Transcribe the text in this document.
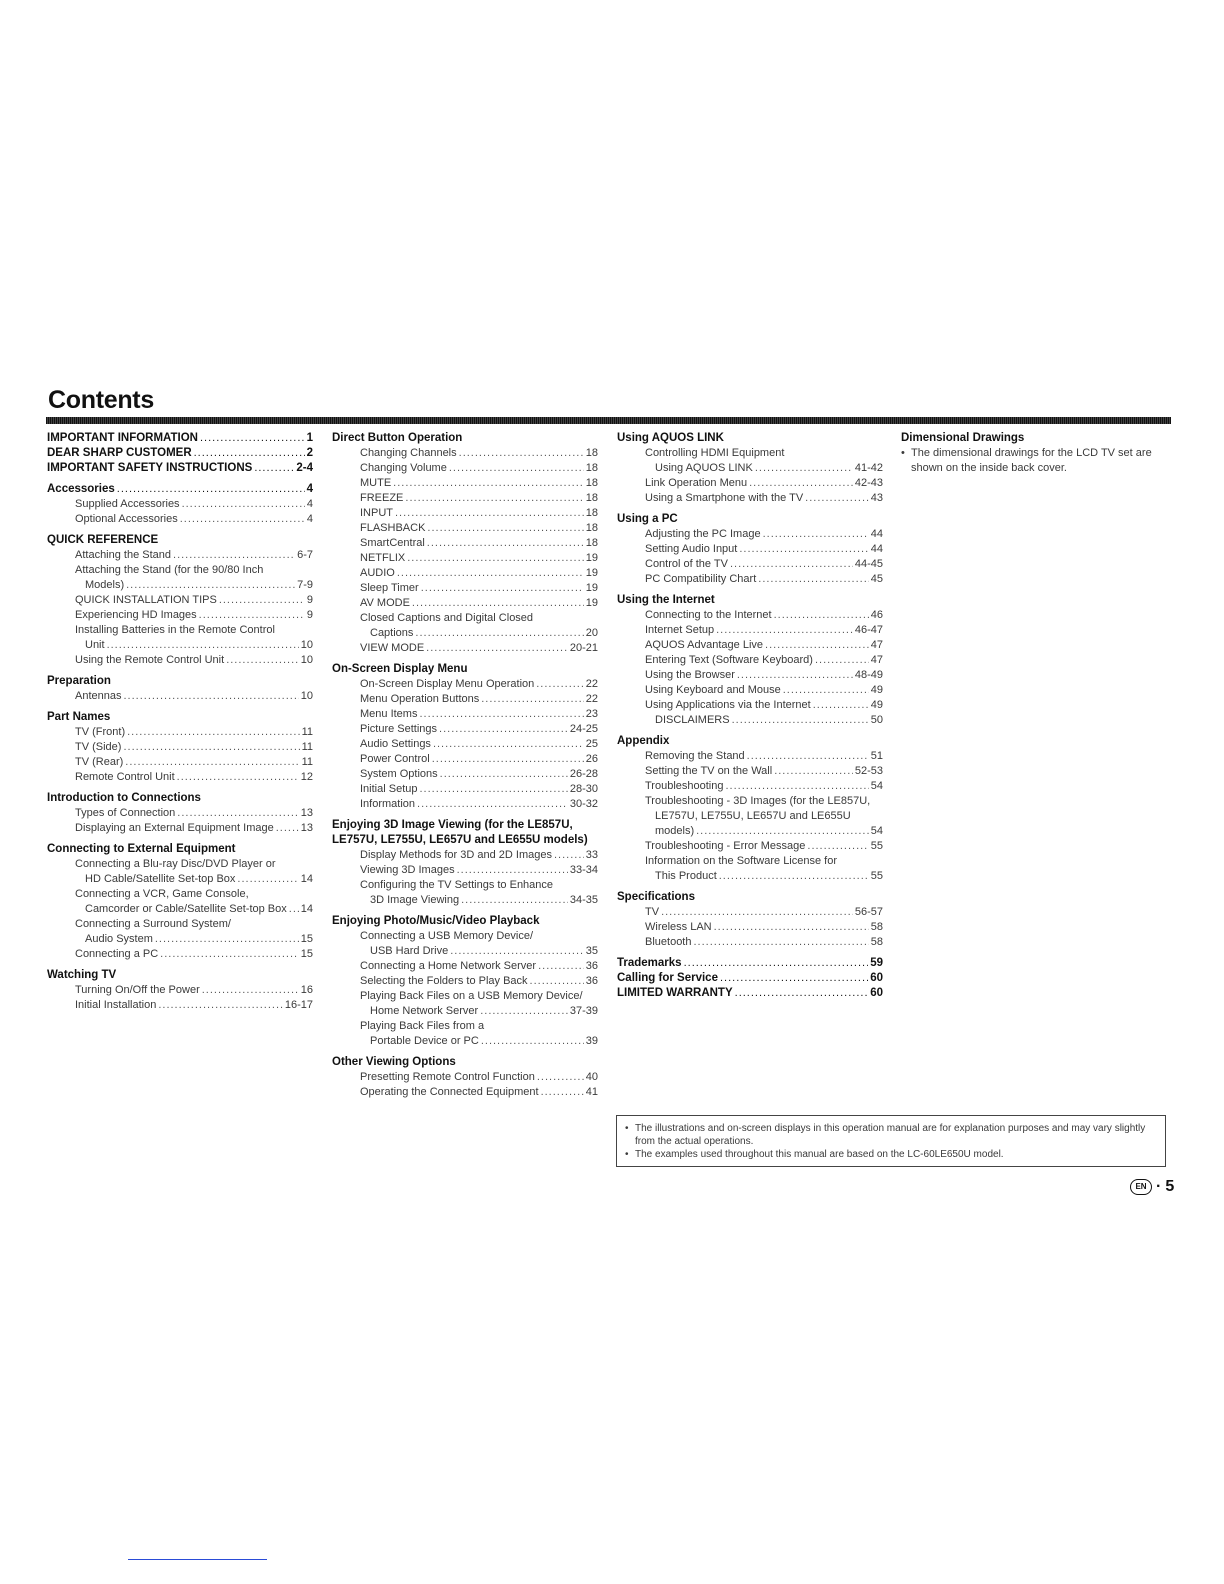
Contents
IMPORTANT INFORMATION .....	1
DEAR SHARP CUSTOMER .....	2
IMPORTANT SAFETY INSTRUCTIONS .....	2-4
Accessories .....	4
Supplied Accessories .....	4
Optional Accessories .....	4
QUICK REFERENCE
Attaching the Stand .....	6-7
Attaching the Stand (for the 90/80 Inch
Models) .....	7-9
QUICK INSTALLATION TIPS .....	9
Experiencing HD Images .....	9
Installing Batteries in the Remote Control
Unit .....	10
Using the Remote Control Unit .....	10
Preparation
Antennas .....	10
Part Names
TV (Front) .....	11
TV (Side) .....	11
TV (Rear) .....	11
Remote Control Unit .....	12
Introduction to Connections
Types of Connection .....	13
Displaying an External Equipment Image ..... 13
Connecting to External Equipment
Connecting a Blu-ray Disc/DVD Player or
HD Cable/Satellite Set-top Box .....	14
Connecting a VCR, Game Console,
Camcorder or Cable/Satellite Set-top Box ..... 14
Connecting a Surround System/
Audio System .....	15
Connecting a PC .....	15
Watching TV
Turning On/Off the Power .....	16
Initial Installation .....	16-17
Direct Button Operation
Changing Channels .....	18
Changing Volume .....	18
MUTE .....	18
FREEZE .....	18
INPUT .....	18
FLASHBACK .....	18
SmartCentral .....	18
NETFLIX .....	19
AUDIO .....	19
Sleep Timer .....	19
AV MODE .....	19
Closed Captions and Digital Closed
Captions .....	20
VIEW MODE .....	20-21
On-Screen Display Menu
On-Screen Display Menu Operation .....	22
Menu Operation Buttons .....	22
Menu Items .....	23
Picture Settings .....	24-25
Audio Settings .....	25
Power Control .....	26
System Options .....	26-28
Initial Setup .....	28-30
Information .....	30-32
Enjoying 3D Image Viewing (for the LE857U,
LE757U, LE755U, LE657U and LE655U models)
Display Methods for 3D and 2D Images .....	33
Viewing 3D Images .....	33-34
Configuring the TV Settings to Enhance
3D Image Viewing .....	34-35
Enjoying Photo/Music/Video Playback
Connecting a USB Memory Device/
USB Hard Drive .....	35
Connecting a Home Network Server .....	36
Selecting the Folders to Play Back .....	36
Playing Back Files on a USB Memory Device/
Home Network Server .....	37-39
Playing Back Files from a
Portable Device or PC .....	39
Other Viewing Options
Presetting Remote Control Function .....	40
Operating the Connected Equipment .....	41
Using AQUOS LINK
Controlling HDMI Equipment
Using AQUOS LINK .....	41-42
Link Operation Menu .....	42-43
Using a Smartphone with the TV .....	43
Using a PC
Adjusting the PC Image .....	44
Setting Audio Input .....	44
Control of the TV .....	44-45
PC Compatibility Chart .....	45
Using the Internet
Connecting to the Internet .....	46
Internet Setup .....	46-47
AQUOS Advantage Live .....	47
Entering Text (Software Keyboard) .....	47
Using the Browser .....	48-49
Using Keyboard and Mouse .....	49
Using Applications via the Internet .....	49
DISCLAIMERS .....	50
Appendix
Removing the Stand .....	51
Setting the TV on the Wall .....	52-53
Troubleshooting .....	54
Troubleshooting - 3D Images (for the LE857U,
LE757U, LE755U, LE657U and LE655U
models) .....	54
Troubleshooting - Error Message .....	55
Information on the Software License for
This Product .....	55
Specifications
TV .....	56-57
Wireless LAN .....	58
Bluetooth .....	58
Trademarks .....	59
Calling for Service .....	60
LIMITED WARRANTY .....	60
Dimensional Drawings
• The dimensional drawings for the LCD TV set are shown on the inside back cover.
• The illustrations and on-screen displays in this operation manual are for explanation purposes and may vary slightly from the actual operations.
• The examples used throughout this manual are based on the LC-60LE650U model.
EN · 5
